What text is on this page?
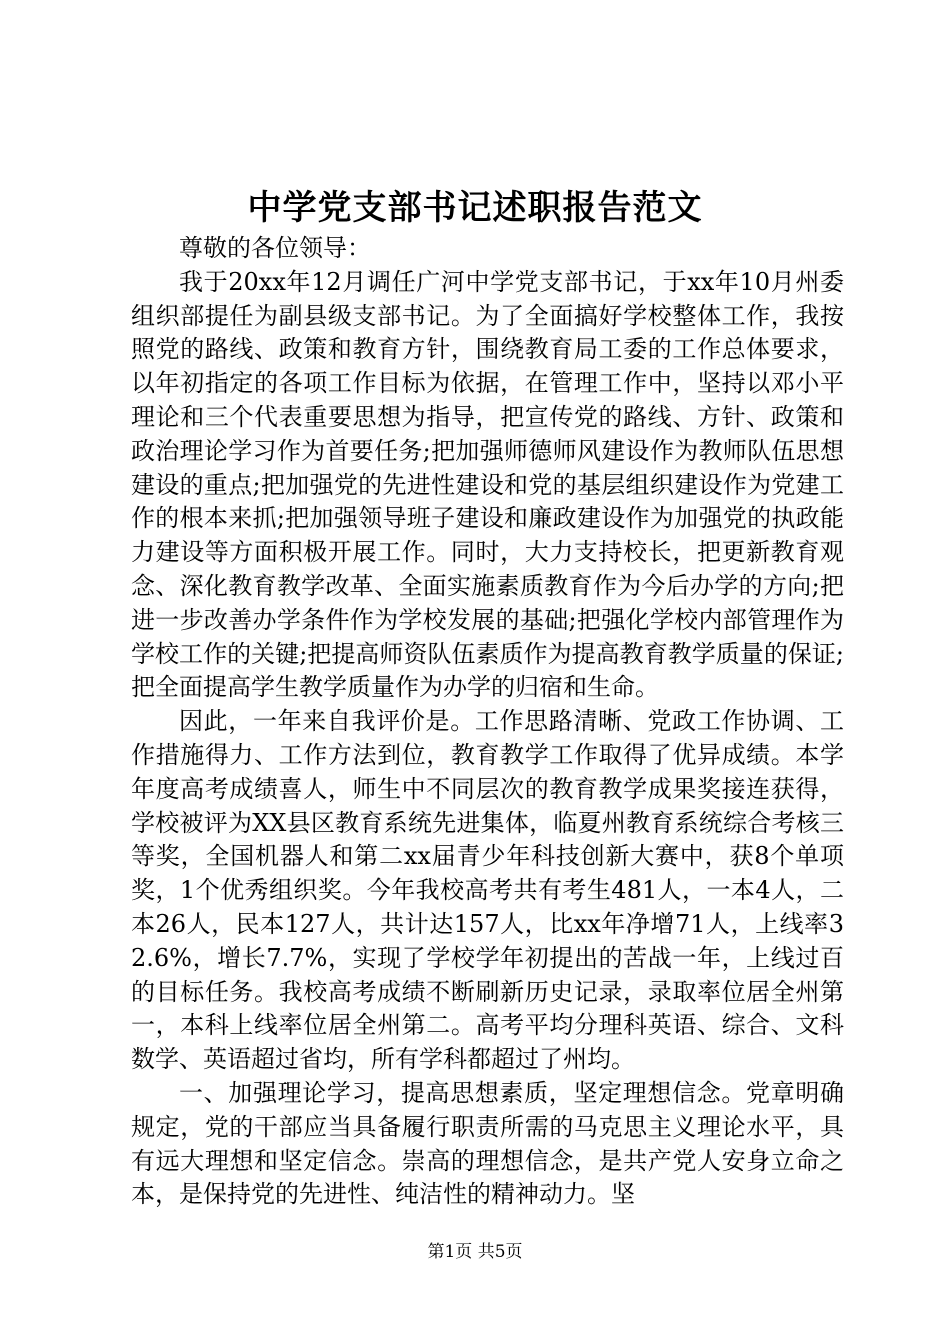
中学党支部书记述职报告范文

尊敬的各位领导：

我于20xx年12月调任广河中学党支部书记，于xx年10月州委组织部提任为副县级支部书记。为了全面搞好学校整体工作，我按照党的路线、政策和教育方针，围绕教育局工委的工作总体要求，以年初指定的各项工作目标为依据，在管理工作中，坚持以邓小平理论和三个代表重要思想为指导，把宣传党的路线、方针、政策和政治理论学习作为首要任务;把加强师德师风建设作为教师队伍思想建设的重点;把加强党的先进性建设和党的基层组织建设作为党建工作的根本来抓;把加强领导班子建设和廉政建设作为加强党的执政能力建设等方面积极开展工作。同时，大力支持校长，把更新教育观念、深化教育教学改革、全面实施素质教育作为今后办学的方向;把进一步改善办学条件作为学校发展的基础;把强化学校内部管理作为学校工作的关键;把提高师资队伍素质作为提高教育教学质量的保证;把全面提高学生教学质量作为办学的归宿和生命。

因此，一年来自我评价是。工作思路清晰、党政工作协调、工作措施得力、工作方法到位，教育教学工作取得了优异成绩。本学年度高考成绩喜人，师生中不同层次的教育教学成果奖接连获得，学校被评为XX县区教育系统先进集体，临夏州教育系统综合考核三等奖，全国机器人和第二xx届青少年科技创新大赛中，获8个单项奖，1个优秀组织奖。今年我校高考共有考生481人，一本4人，二本26人，民本127人，共计达157人，比xx年净增71人，上线率32.6%，增长7.7%，实现了学校学年初提出的苦战一年，上线过百的目标任务。我校高考成绩不断刷新历史记录，录取率位居全州第一，本科上线率位居全州第二。高考平均分理科英语、综合、文科数学、英语超过省均，所有学科都超过了州均。

一、加强理论学习，提高思想素质，坚定理想信念。党章明确规定，党的干部应当具备履行职责所需的马克思主义理论水平，具有远大理想和坚定信念。崇高的理想信念，是共产党人安身立命之本，是保持党的先进性、纯洁性的精神动力。坚

第1页 共5页
